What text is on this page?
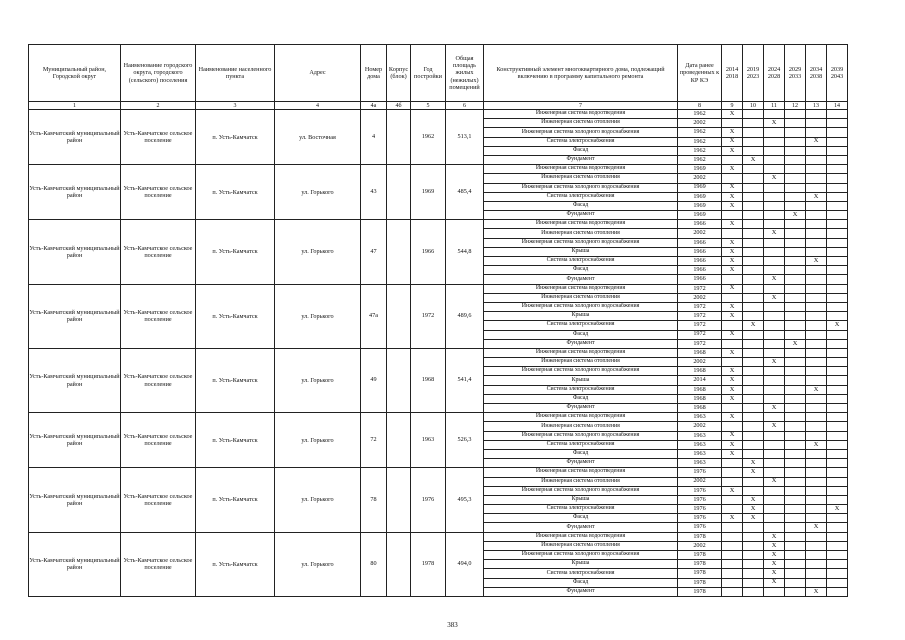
Муниципальный район, Городской округ	Наименование городского округа, городского (сельского) поселения	Наименование населенного пункта	Адрес	Номер дома	Корпус (блок)	Год постройки	Общая площадь жилых (нежилых) помещений	Конструктивный элемент многоквартирного дома, подлежащий включению в программу капитального ремонта	Дата ранее проведенных к КР КЭ	2014 2018	2019 2023	2024 2028	2029 2033	2034 2038	2039 2043
1	2	3	4	4а	4б	5	6	7	8	9	10	11	12	13	14
Усть-Камчатский муниципальный район	Усть-Камчатское сельское поселение	п. Усть-Камчатск	ул. Восточная	4		1962	513,1	Инженерная система водоотведения	1962	X					
								Инженерная система отопления	2002			X			
								Инженерная система холодного водоснабжения	1962	X					
								Система электроснабжения	1962	X				X	
								Фасад	1962	X					
								Фундамент	1962		X				
Усть-Камчатский муниципальный район	Усть-Камчатское сельское поселение	п. Усть-Камчатск	ул. Горького	43		1969	485,4	Инженерная система водоотведения	1969	X					
								Инженерная система отопления	2002			X			
								Инженерная система холодного водоснабжения	1969	X					
								Система электроснабжения	1969	X				X	
								Фасад	1969	X					
								Фундамент	1969				X		
Усть-Камчатский муниципальный район	Усть-Камчатское сельское поселение	п. Усть-Камчатск	ул. Горького	47		1966	544,8	Инженерная система водоотведения	1966	X					
								Инженерная система отопления	2002			X			
								Инженерная система холодного водоснабжения	1966	X					
								Крыша	1966	X					
								Система электроснабжения	1966	X				X	
								Фасад	1966	X					
								Фундамент	1966			X			
Усть-Камчатский муниципальный район	Усть-Камчатское сельское поселение	п. Усть-Камчатск	ул. Горького	47а		1972	489,6	Инженерная система водоотведения	1972	X					
								Инженерная система отопления	2002			X			
								Инженерная система холодного водоснабжения	1972	X					
								Крыша	1972	X					
								Система электроснабжения	1972		X				X
								Фасад	1972	X					
								Фундамент	1972				X		
Усть-Камчатский муниципальный район	Усть-Камчатское сельское поселение	п. Усть-Камчатск	ул. Горького	49		1968	541,4	Инженерная система водоотведения	1968	X					
								Инженерная система отопления	2002			X			
								Инженерная система холодного водоснабжения	1968	X					
								Крыша	2014	X					
								Система электроснабжения	1968	X				X	
								Фасад	1968	X					
								Фундамент	1968			X			
Усть-Камчатский муниципальный район	Усть-Камчатское сельское поселение	п. Усть-Камчатск	ул. Горького	72		1963	526,3	Инженерная система водоотведения	1963	X					
								Инженерная система отопления	2002			X			
								Инженерная система холодного водоснабжения	1963	X					
								Система электроснабжения	1963	X				X	
								Фасад	1963	X					
								Фундамент	1963		X				
Усть-Камчатский муниципальный район	Усть-Камчатское сельское поселение	п. Усть-Камчатск	ул. Горького	78		1976	495,3	Инженерная система водоотведения	1976		X				
								Инженерная система отопления	2002			X			
								Инженерная система холодного водоснабжения	1976	X					
								Крыша	1976		X				
								Система электроснабжения	1976		X				X
								Фасад	1976	X	X				
								Фундамент	1976					X	
Усть-Камчатский муниципальный район	Усть-Камчатское сельское поселение	п. Усть-Камчатск	ул. Горького	80		1978	494,0	Инженерная система водоотведения	1978			X			
								Инженерная система отопления	2002			X			
								Инженерная система холодного водоснабжения	1978			X			
								Крыша	1978			X			
								Система электроснабжения	1978			X			
								Фасад	1978			X			
								Фундамент	1978					X	
383
